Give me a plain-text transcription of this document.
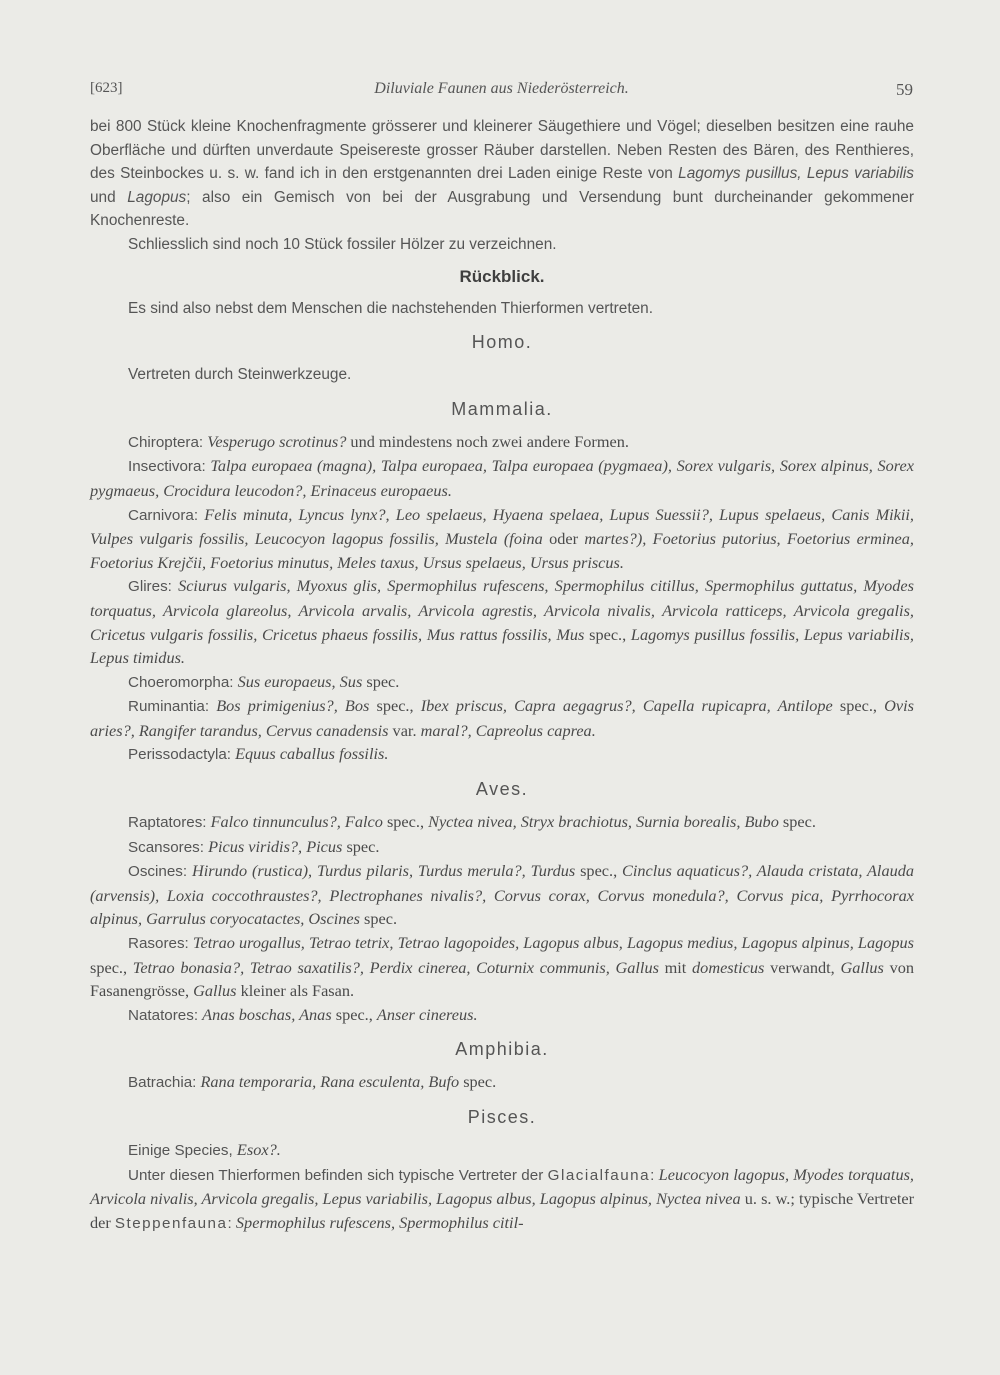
[623]	Diluviale Faunen aus Niederösterreich.	59

bei 800 Stück kleine Knochenfragmente grösserer und kleinerer Säugethiere und Vögel; dieselben besitzen eine rauhe Oberfläche und dürften unverdaute Speisereste grosser Räuber darstellen. Neben Resten des Bären, des Renthieres, des Steinbockes u. s. w. fand ich in den erstgenannten drei Laden einige Reste von Lagomys pusillus, Lepus variabilis und Lagopus; also ein Gemisch von bei der Ausgrabung und Versendung bunt durcheinander gekommener Knochenreste.

Schliesslich sind noch 10 Stück fossiler Hölzer zu verzeichnen.

Rückblick.

Es sind also nebst dem Menschen die nachstehenden Thierformen vertreten.

Homo.

Vertreten durch Steinwerkzeuge.

Mammalia.

Chiroptera: Vesperugo scrotinus? und mindestens noch zwei andere Formen.

Insectivora: Talpa europaea (magna), Talpa europaea, Talpa europaea (pygmaea), Sorex vulgaris, Sorex alpinus, Sorex pygmaeus, Crocidura leucodon?, Erinaceus europaeus.

Carnivora: Felis minuta, Lyncus lynx?, Leo spelaeus, Hyaena spelaea, Lupus Suessii?, Lupus spelaeus, Canis Mikii, Vulpes vulgaris fossilis, Leucocyon lagopus fossilis, Mustela (foina oder martes?), Foetorius putorius, Foetorius erminea, Foetorius Krejčii, Foetorius minutus, Meles taxus, Ursus spelaeus, Ursus priscus.

Glires: Sciurus vulgaris, Myoxus glis, Spermophilus rufescens, Spermophilus citillus, Spermophilus guttatus, Myodes torquatus, Arvicola glareolus, Arvicola arvalis, Arvicola agrestis, Arvicola nivalis, Arvicola ratticeps, Arvicola gregalis, Cricetus vulgaris fossilis, Cricetus phaeus fossilis, Mus rattus fossilis, Mus spec., Lagomys pusillus fossilis, Lepus variabilis, Lepus timidus.

Choeromorpha: Sus europaeus, Sus spec.

Ruminantia: Bos primigenius?, Bos spec., Ibex priscus, Capra aegagrus?, Capella rupicapra, Antilope spec., Ovis aries?, Rangifer tarandus, Cervus canadensis var. maral?, Capreolus caprea.

Perissodactyla: Equus caballus fossilis.

Aves.

Raptatores: Falco tinnunculus?, Falco spec., Nyctea nivea, Stryx brachiotus, Surnia borealis, Bubo spec.

Scansores: Picus viridis?, Picus spec.

Oscines: Hirundo (rustica), Turdus pilaris, Turdus merula?, Turdus spec., Cinclus aquaticus?, Alauda cristata, Alauda (arvensis), Loxia coccothraustes?, Plectrophanes nivalis?, Corvus corax, Corvus monedula?, Corvus pica, Pyrrhocorax alpinus, Garrulus coryocatactes, Oscines spec.

Rasores: Tetrao urogallus, Tetrao tetrix, Tetrao lagopoides, Lagopus albus, Lagopus medius, Lagopus alpinus, Lagopus spec., Tetrao bonasia?, Tetrao saxatilis?, Perdix cinerea, Coturnix communis, Gallus mit domesticus verwandt, Gallus von Fasanengrösse, Gallus kleiner als Fasan.

Natatores: Anas boschas, Anas spec., Anser cinereus.

Amphibia.

Batrachia: Rana temporaria, Rana esculenta, Bufo spec.

Pisces.

Einige Species, Esox?.

Unter diesen Thierformen befinden sich typische Vertreter der Glacialfauna: Leucocyon lagopus, Myodes torquatus, Arvicola nivalis, Arvicola gregalis, Lepus variabilis, Lagopus albus, Lagopus alpinus, Nyctea nivea u. s. w.; typische Vertreter der Steppenfauna: Spermophilus rufescens, Spermophilus citil-
